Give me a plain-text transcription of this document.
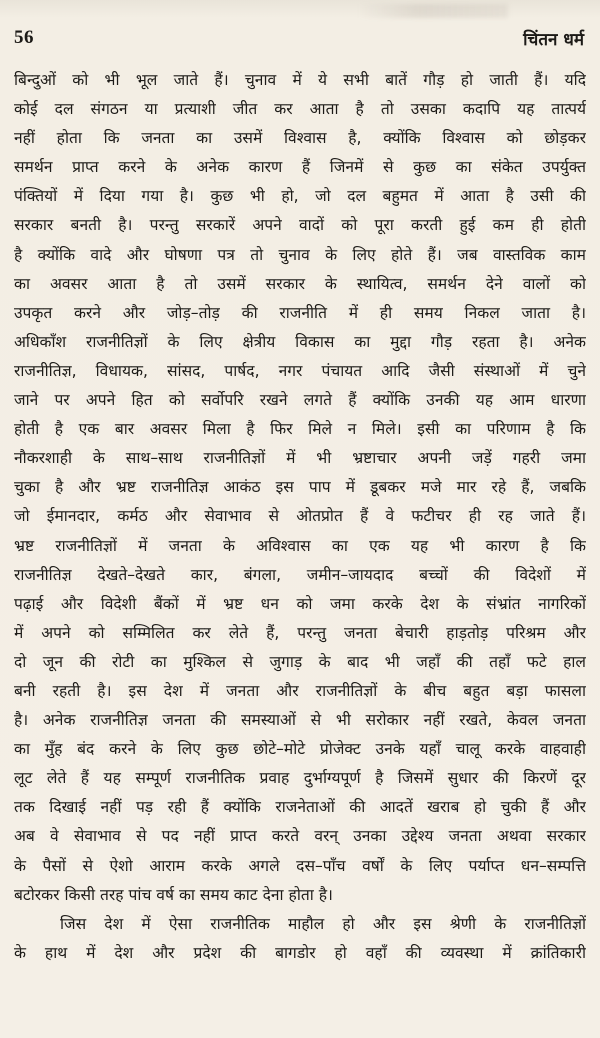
56	चिंतन धर्म
बिन्दुओं को भी भूल जाते हैं। चुनाव में ये सभी बातें गौड़ हो जाती हैं। यदि
कोई दल संगठन या प्रत्याशी जीत कर आता है तो उसका कदापि यह तात्पर्य
नहीं होता कि जनता का उसमें विश्वास है, क्योंकि विश्वास को छोड़कर
समर्थन प्राप्त करने के अनेक कारण हैं जिनमें से कुछ का संकेत उपर्युक्त
पंक्तियों में दिया गया है। कुछ भी हो, जो दल बहुमत में आता है उसी की
सरकार बनती है। परन्तु सरकारें अपने वादों को पूरा करती हुई कम ही होती
है क्योंकि वादे और घोषणा पत्र तो चुनाव के लिए होते हैं। जब वास्तविक काम
का अवसर आता है तो उसमें सरकार के स्थायित्व, समर्थन देने वालों को
उपकृत करने और जोड़–तोड़ की राजनीति में ही समय निकल जाता है।
अधिकाँश राजनीतिज्ञों के लिए क्षेत्रीय विकास का मुद्दा गौड़ रहता है। अनेक
राजनीतिज्ञ, विधायक, सांसद, पार्षद, नगर पंचायत आदि जैसी संस्थाओं में चुने
जाने पर अपने हित को सर्वोपरि रखने लगते हैं क्योंकि उनकी यह आम धारणा
होती है एक बार अवसर मिला है फिर मिले न मिले। इसी का परिणाम है कि
नौकरशाही के साथ–साथ राजनीतिज्ञों में भी भ्रष्टाचार अपनी जड़ें गहरी जमा
चुका है और भ्रष्ट राजनीतिज्ञ आकंठ इस पाप में डूबकर मजे मार रहे हैं, जबकि
जो ईमानदार, कर्मठ और सेवाभाव से ओतप्रोत हैं वे फटीचर ही रह जाते हैं।
भ्रष्ट राजनीतिज्ञों में जनता के अविश्वास का एक यह भी कारण है कि
राजनीतिज्ञ देखते–देखते कार, बंगला, जमीन–जायदाद बच्चों की विदेशों में
पढ़ाई और विदेशी बैंकों में भ्रष्ट धन को जमा करके देश के संभ्रांत नागरिकों
में अपने को सम्मिलित कर लेते हैं, परन्तु जनता बेचारी हाड़तोड़ परिश्रम और
दो जून की रोटी का मुश्किल से जुगाड़ के बाद भी जहाँ की तहाँ फटे हाल
बनी रहती है। इस देश में जनता और राजनीतिज्ञों के बीच बहुत बड़ा फासला
है। अनेक राजनीतिज्ञ जनता की समस्याओं से भी सरोकार नहीं रखते, केवल जनता
का मुँह बंद करने के लिए कुछ छोटे–मोटे प्रोजेक्ट उनके यहाँ चालू करके वाहवाही
लूट लेते हैं यह सम्पूर्ण राजनीतिक प्रवाह दुर्भाग्यपूर्ण है जिसमें सुधार की किरणें दूर
तक दिखाई नहीं पड़ रही हैं क्योंकि राजनेताओं की आदतें खराब हो चुकी हैं और
अब वे सेवाभाव से पद नहीं प्राप्त करते वरन् उनका उद्देश्य जनता अथवा सरकार
के पैसों से ऐशो आराम करके अगले दस–पाँच वर्षों के लिए पर्याप्त धन–सम्पत्ति
बटोरकर किसी तरह पांच वर्ष का समय काट देना होता है।
जिस देश में ऐसा राजनीतिक माहौल हो और इस श्रेणी के राजनीतिज्ञों
के हाथ में देश और प्रदेश की बागडोर हो वहाँ की व्यवस्था में क्रांतिकारी
